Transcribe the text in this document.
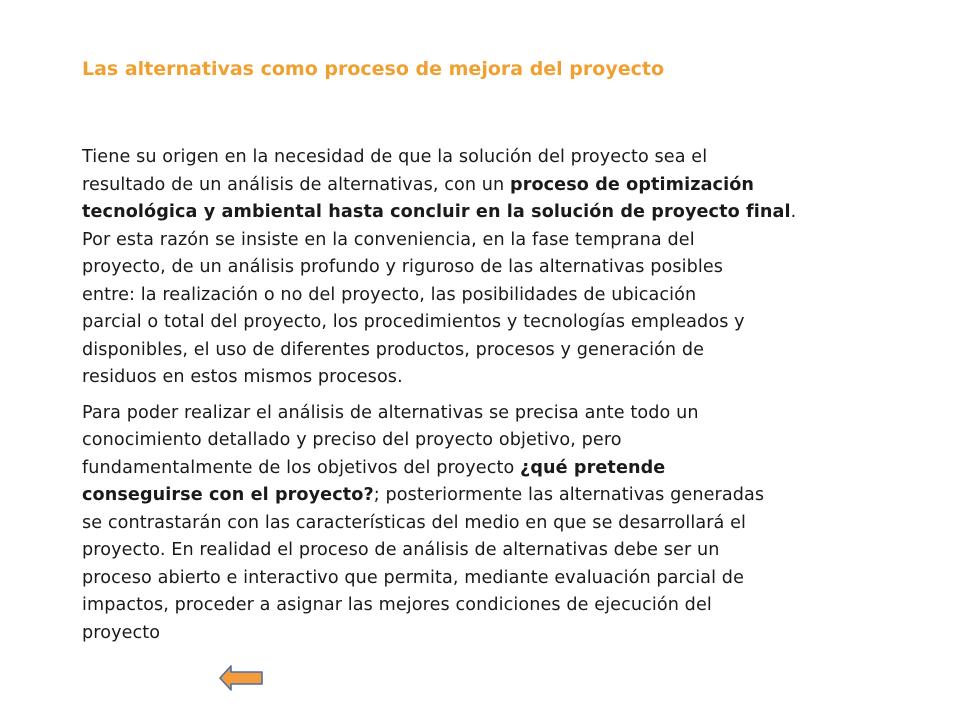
Las alternativas como proceso de mejora del proyecto

Tiene su origen en la necesidad de que la solución del proyecto sea el
resultado de un análisis de alternativas, con un proceso de optimización
tecnológica y ambiental hasta concluir en la solución de proyecto final.
Por esta razón se insiste en la conveniencia, en la fase temprana del
proyecto, de un análisis profundo y riguroso de las alternativas posibles
entre: la realización o no del proyecto, las posibilidades de ubicación
parcial o total del proyecto, los procedimientos y tecnologías empleados y
disponibles, el uso de diferentes productos, procesos y generación de
residuos en estos mismos procesos.

Para poder realizar el análisis de alternativas se precisa ante todo un
conocimiento detallado y preciso del proyecto objetivo, pero
fundamentalmente de los objetivos del proyecto ¿qué pretende
conseguirse con el proyecto?; posteriormente las alternativas generadas
se contrastarán con las características del medio en que se desarrollará el
proyecto. En realidad el proceso de análisis de alternativas debe ser un
proceso abierto e interactivo que permita, mediante evaluación parcial de
impactos, proceder a asignar las mejores condiciones de ejecución del
proyecto
